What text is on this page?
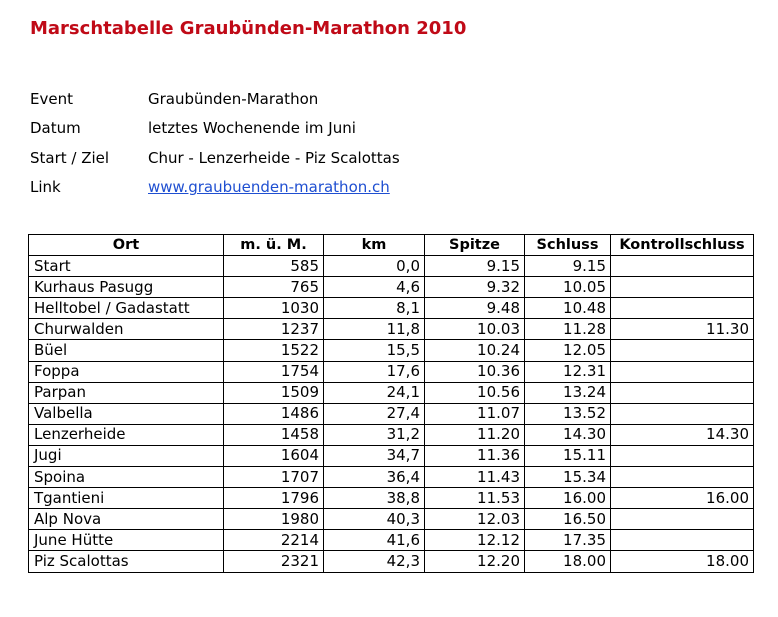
Marschtabelle Graubünden-Marathon 2010
Event	Graubünden-Marathon
Datum	letztes Wochenende im Juni
Start / Ziel	Chur - Lenzerheide - Piz Scalottas
Link	www.graubuenden-marathon.ch
Ort	m. ü. M.	km	Spitze	Schluss	Kontrollschluss
Start	585	0,0	9.15	9.15	
Kurhaus Pasugg	765	4,6	9.32	10.05	
Helltobel / Gadastatt	1030	8,1	9.48	10.48	
Churwalden	1237	11,8	10.03	11.28	11.30
Büel	1522	15,5	10.24	12.05	
Foppa	1754	17,6	10.36	12.31	
Parpan	1509	24,1	10.56	13.24	
Valbella	1486	27,4	11.07	13.52	
Lenzerheide	1458	31,2	11.20	14.30	14.30
Jugi	1604	34,7	11.36	15.11	
Spoina	1707	36,4	11.43	15.34	
Tgantieni	1796	38,8	11.53	16.00	16.00
Alp Nova	1980	40,3	12.03	16.50	
June Hütte	2214	41,6	12.12	17.35	
Piz Scalottas	2321	42,3	12.20	18.00	18.00
